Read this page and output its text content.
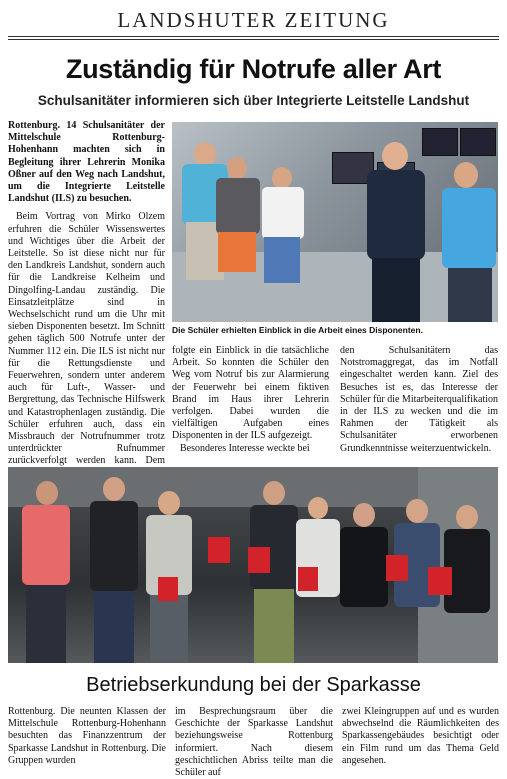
LANDSHUTER ZEITUNG
Zuständig für Notrufe aller Art
Schulsanitäter informieren sich über Integrierte Leitstelle Landshut

Rottenburg. 14 Schulsanitäter der Mittelschule Rottenburg-Hohenhann machten sich in Begleitung ihrer Lehrerin Monika Oßner auf den Weg nach Landshut, um die Integrierte Leitstelle Landshut (ILS) zu besuchen.

Beim Vortrag von Mirko Olzem erfuhren die Schüler Wissenswertes und Wichtiges über die Arbeit der Leitstelle. So ist diese nicht nur für den Landkreis Landshut, sondern auch für die Landkreise Kelheim und Dingolfing-Landau zuständig. Die Einsatzleitplätze sind in Wechselschicht rund um die Uhr mit sieben Disponenten besetzt. Im Schnitt gehen täglich 500 Notrufe unter der Nummer 112 ein. Die ILS ist nicht nur für die Rettungsdienste und Feuerwehren, sondern unter anderem auch für Luft-, Wasser- und Bergrettung, das Technische Hilfswerk und Katastrophenlagen zuständig. Die Schüler erfuhren auch, dass ein Missbrauch der Notrufnummer trotz unterdrückter Rufnummer zurückverfolgt werden kann. Dem

Die Schüler erhielten Einblick in die Arbeit eines Disponenten.

folgte ein Einblick in die tatsächliche Arbeit. So konnten die Schüler den Weg vom Notruf bis zur Alarmierung der Feuerwehr bei einem fiktiven Brand im Haus ihrer Lehrerin verfolgen. Dabei wurden die vielfältigen Aufgaben eines Disponenten in der ILS aufgezeigt.

Besonderes Interesse weckte bei

den Schulsanitätern das Notstromaggregat, das im Notfall eingeschaltet werden kann. Ziel des Besuches ist es, das Interesse der Schüler für die Mitarbeiterqualifikation in der ILS zu wecken und die im Rahmen der Tätigkeit als Schulsanitäter erworbenen Grundkenntnisse weiterzuentwickeln.

Betriebserkundung bei der Sparkasse

Rottenburg. Die neunten Klassen der Mittelschule Rottenburg-Hohenhann besuchten das Finanzzentrum der Sparkasse Landshut in Rottenburg. Die Gruppen wurden

im Besprechungsraum über die Geschichte der Sparkasse Landshut beziehungsweise Rottenburg informiert. Nach diesem geschichtlichen Abriss teilte man die Schüler auf

zwei Kleingruppen auf und es wurden abwechselnd die Räumlichkeiten des Sparkassengebäudes besichtigt oder ein Film rund um das Thema Geld angesehen.
